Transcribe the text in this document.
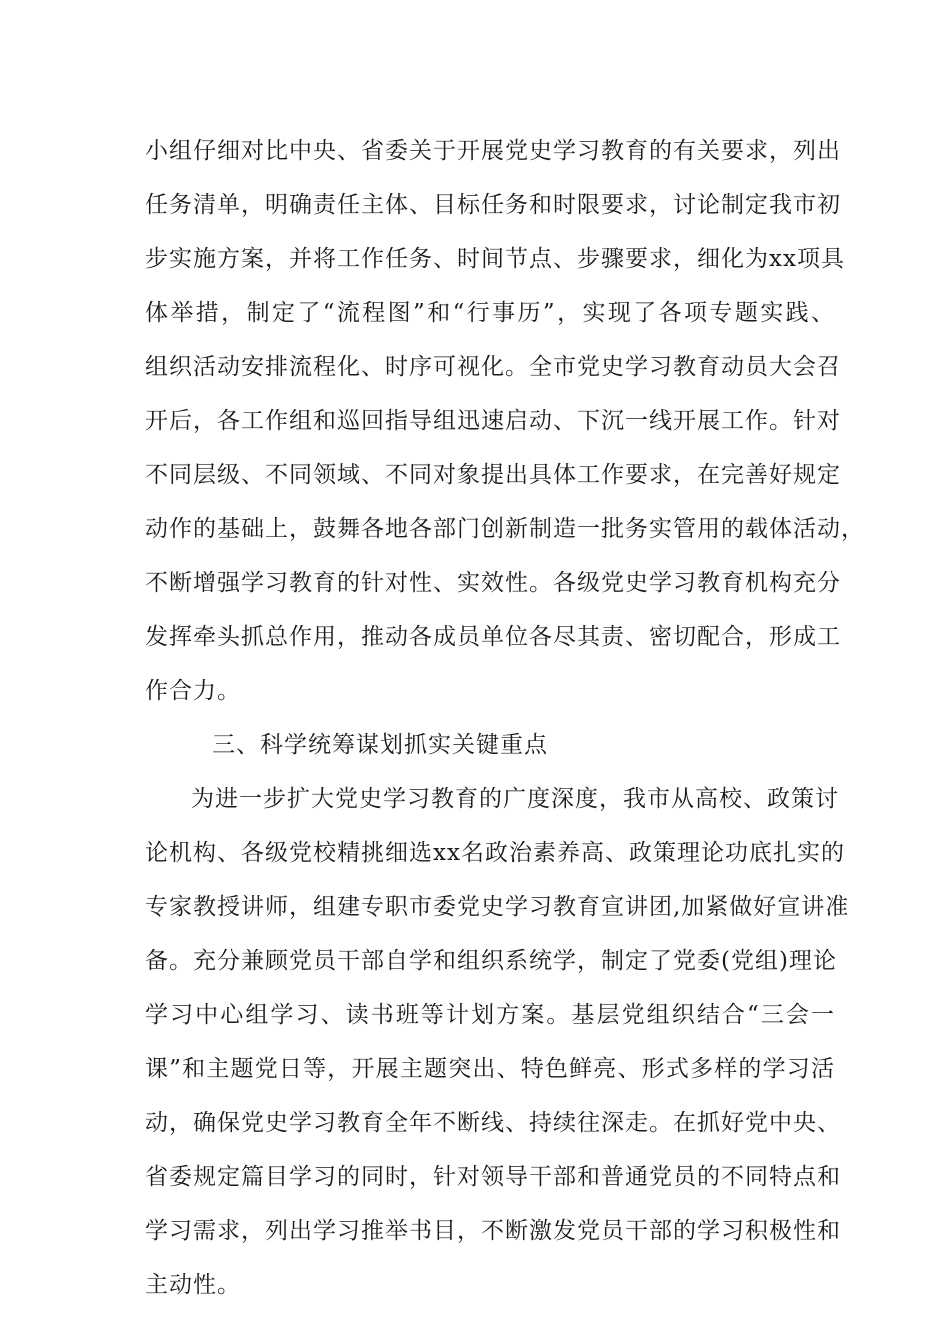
小组仔细对比中央、省委关于开展党史学习教育的有关要求，列出
任务清单，明确责任主体、目标任务和时限要求，讨论制定我市初
步实施方案，并将工作任务、时间节点、步骤要求，细化为xx项具
体举措，制定了“流程图”和“行事历”，实现了各项专题实践、
组织活动安排流程化、时序可视化。全市党史学习教育动员大会召
开后，各工作组和巡回指导组迅速启动、下沉一线开展工作。针对
不同层级、不同领域、不同对象提出具体工作要求，在完善好规定
动作的基础上，鼓舞各地各部门创新制造一批务实管用的载体活动，
不断增强学习教育的针对性、实效性。各级党史学习教育机构充分
发挥牵头抓总作用，推动各成员单位各尽其责、密切配合，形成工
作合力。
三、科学统筹谋划抓实关键重点
为进一步扩大党史学习教育的广度深度，我市从高校、政策讨
论机构、各级党校精挑细选xx名政治素养高、政策理论功底扎实的
专家教授讲师，组建专职市委党史学习教育宣讲团,加紧做好宣讲准
备。充分兼顾党员干部自学和组织系统学，制定了党委(党组)理论
学习中心组学习、读书班等计划方案。基层党组织结合“三会一
课”和主题党日等，开展主题突出、特色鲜亮、形式多样的学习活
动，确保党史学习教育全年不断线、持续往深走。在抓好党中央、
省委规定篇目学习的同时，针对领导干部和普通党员的不同特点和
学习需求，列出学习推举书目，不断激发党员干部的学习积极性和
主动性。
